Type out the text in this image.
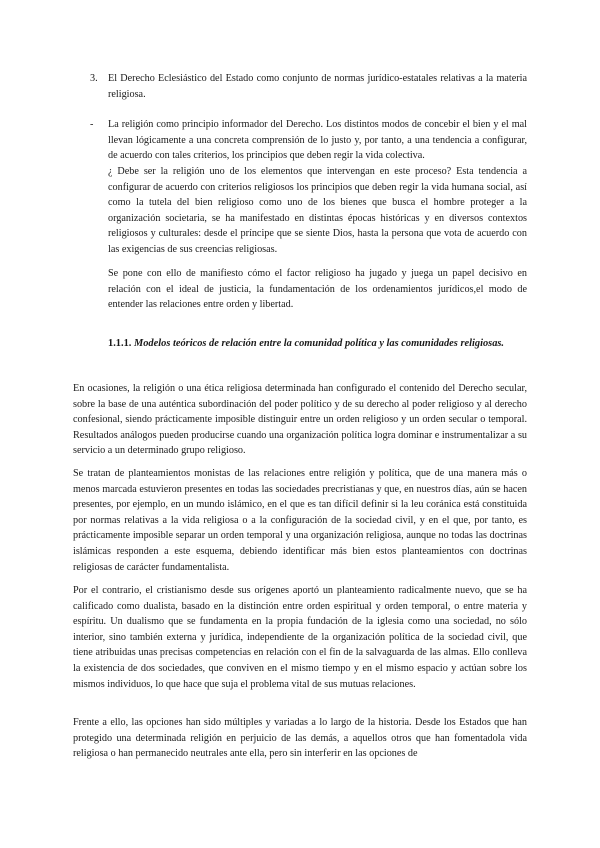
3. El Derecho Eclesiástico del Estado como conjunto de normas jurídico-estatales relativas a la materia religiosa.

- La religión como principio informador del Derecho. Los distintos modos de concebir el bien y el mal llevan lógicamente a una concreta comprensión de lo justo y, por tanto, a una tendencia a configurar, de acuerdo con tales criterios, los principios que deben regir la vida colectiva.

¿ Debe ser la religión uno de los elementos que intervengan en este proceso? Esta tendencia a configurar de acuerdo con criterios religiosos los principios que deben regir la vida humana social, así como la tutela del bien religioso como uno de los bienes que busca el hombre proteger a la organización societaria, se ha manifestado en distintas épocas históricas y en diversos contextos religiosos y culturales: desde el príncipe que se siente Dios, hasta la persona que vota de acuerdo con las exigencias de sus creencias religiosas.

Se pone con ello de manifiesto cómo el factor religioso ha jugado y juega un papel decisivo en relación con el ideal de justicia, la fundamentación de los ordenamientos jurídicos,el modo de entender las relaciones entre orden y libertad.

1.1.1. Modelos teóricos de relación entre la comunidad política y las comunidades religiosas.

En ocasiones, la religión o una ética religiosa determinada han configurado el contenido del Derecho secular, sobre la base de una auténtica subordinación del poder político y de su derecho al poder religioso y al derecho confesional, siendo prácticamente imposible distinguir entre un orden religioso y un orden secular o temporal. Resultados análogos pueden producirse cuando una organización política logra dominar e instrumentalizar a su servicio a un determinado grupo religioso.

Se tratan de planteamientos monistas de las relaciones entre religión y política, que de una manera más o menos marcada estuvieron presentes en todas las sociedades precristianas y que, en nuestros días, aún se hacen presentes, por ejemplo, en un mundo islámico, en el que es tan difícil definir si la leu coránica está constituida por normas relativas a la vida religiosa o a la configuración de la sociedad civil, y en el que, por tanto, es prácticamente imposible separar un orden temporal y una organización religiosa, aunque no todas las doctrinas islámicas responden a este esquema, debiendo identificar más bien estos planteamientos con doctrinas religiosas de carácter fundamentalista.

Por el contrario, el cristianismo desde sus orígenes aportó un planteamiento radicalmente nuevo, que se ha calificado como dualista, basado en la distinción entre orden espiritual y orden temporal, o entre materia y espíritu. Un dualismo que se fundamenta en la propia fundación de la iglesia como una sociedad, no sólo interior, sino también externa y jurídica, independiente de la organización política de la sociedad civil, que tiene atribuidas unas precisas competencias en relación con el fin de la salvaguarda de las almas. Ello conlleva la existencia de dos sociedades, que conviven en el mismo tiempo y en el mismo espacio y actúan sobre los mismos individuos, lo que hace que suja el problema vital de sus mutuas relaciones.

Frente a ello, las opciones han sido múltiples y variadas a lo largo de la historia. Desde los Estados que han protegido una determinada religión en perjuicio de las demás, a aquellos otros que han fomentadola vida religiosa o han permanecido neutrales ante ella, pero sin interferir en las opciones de
